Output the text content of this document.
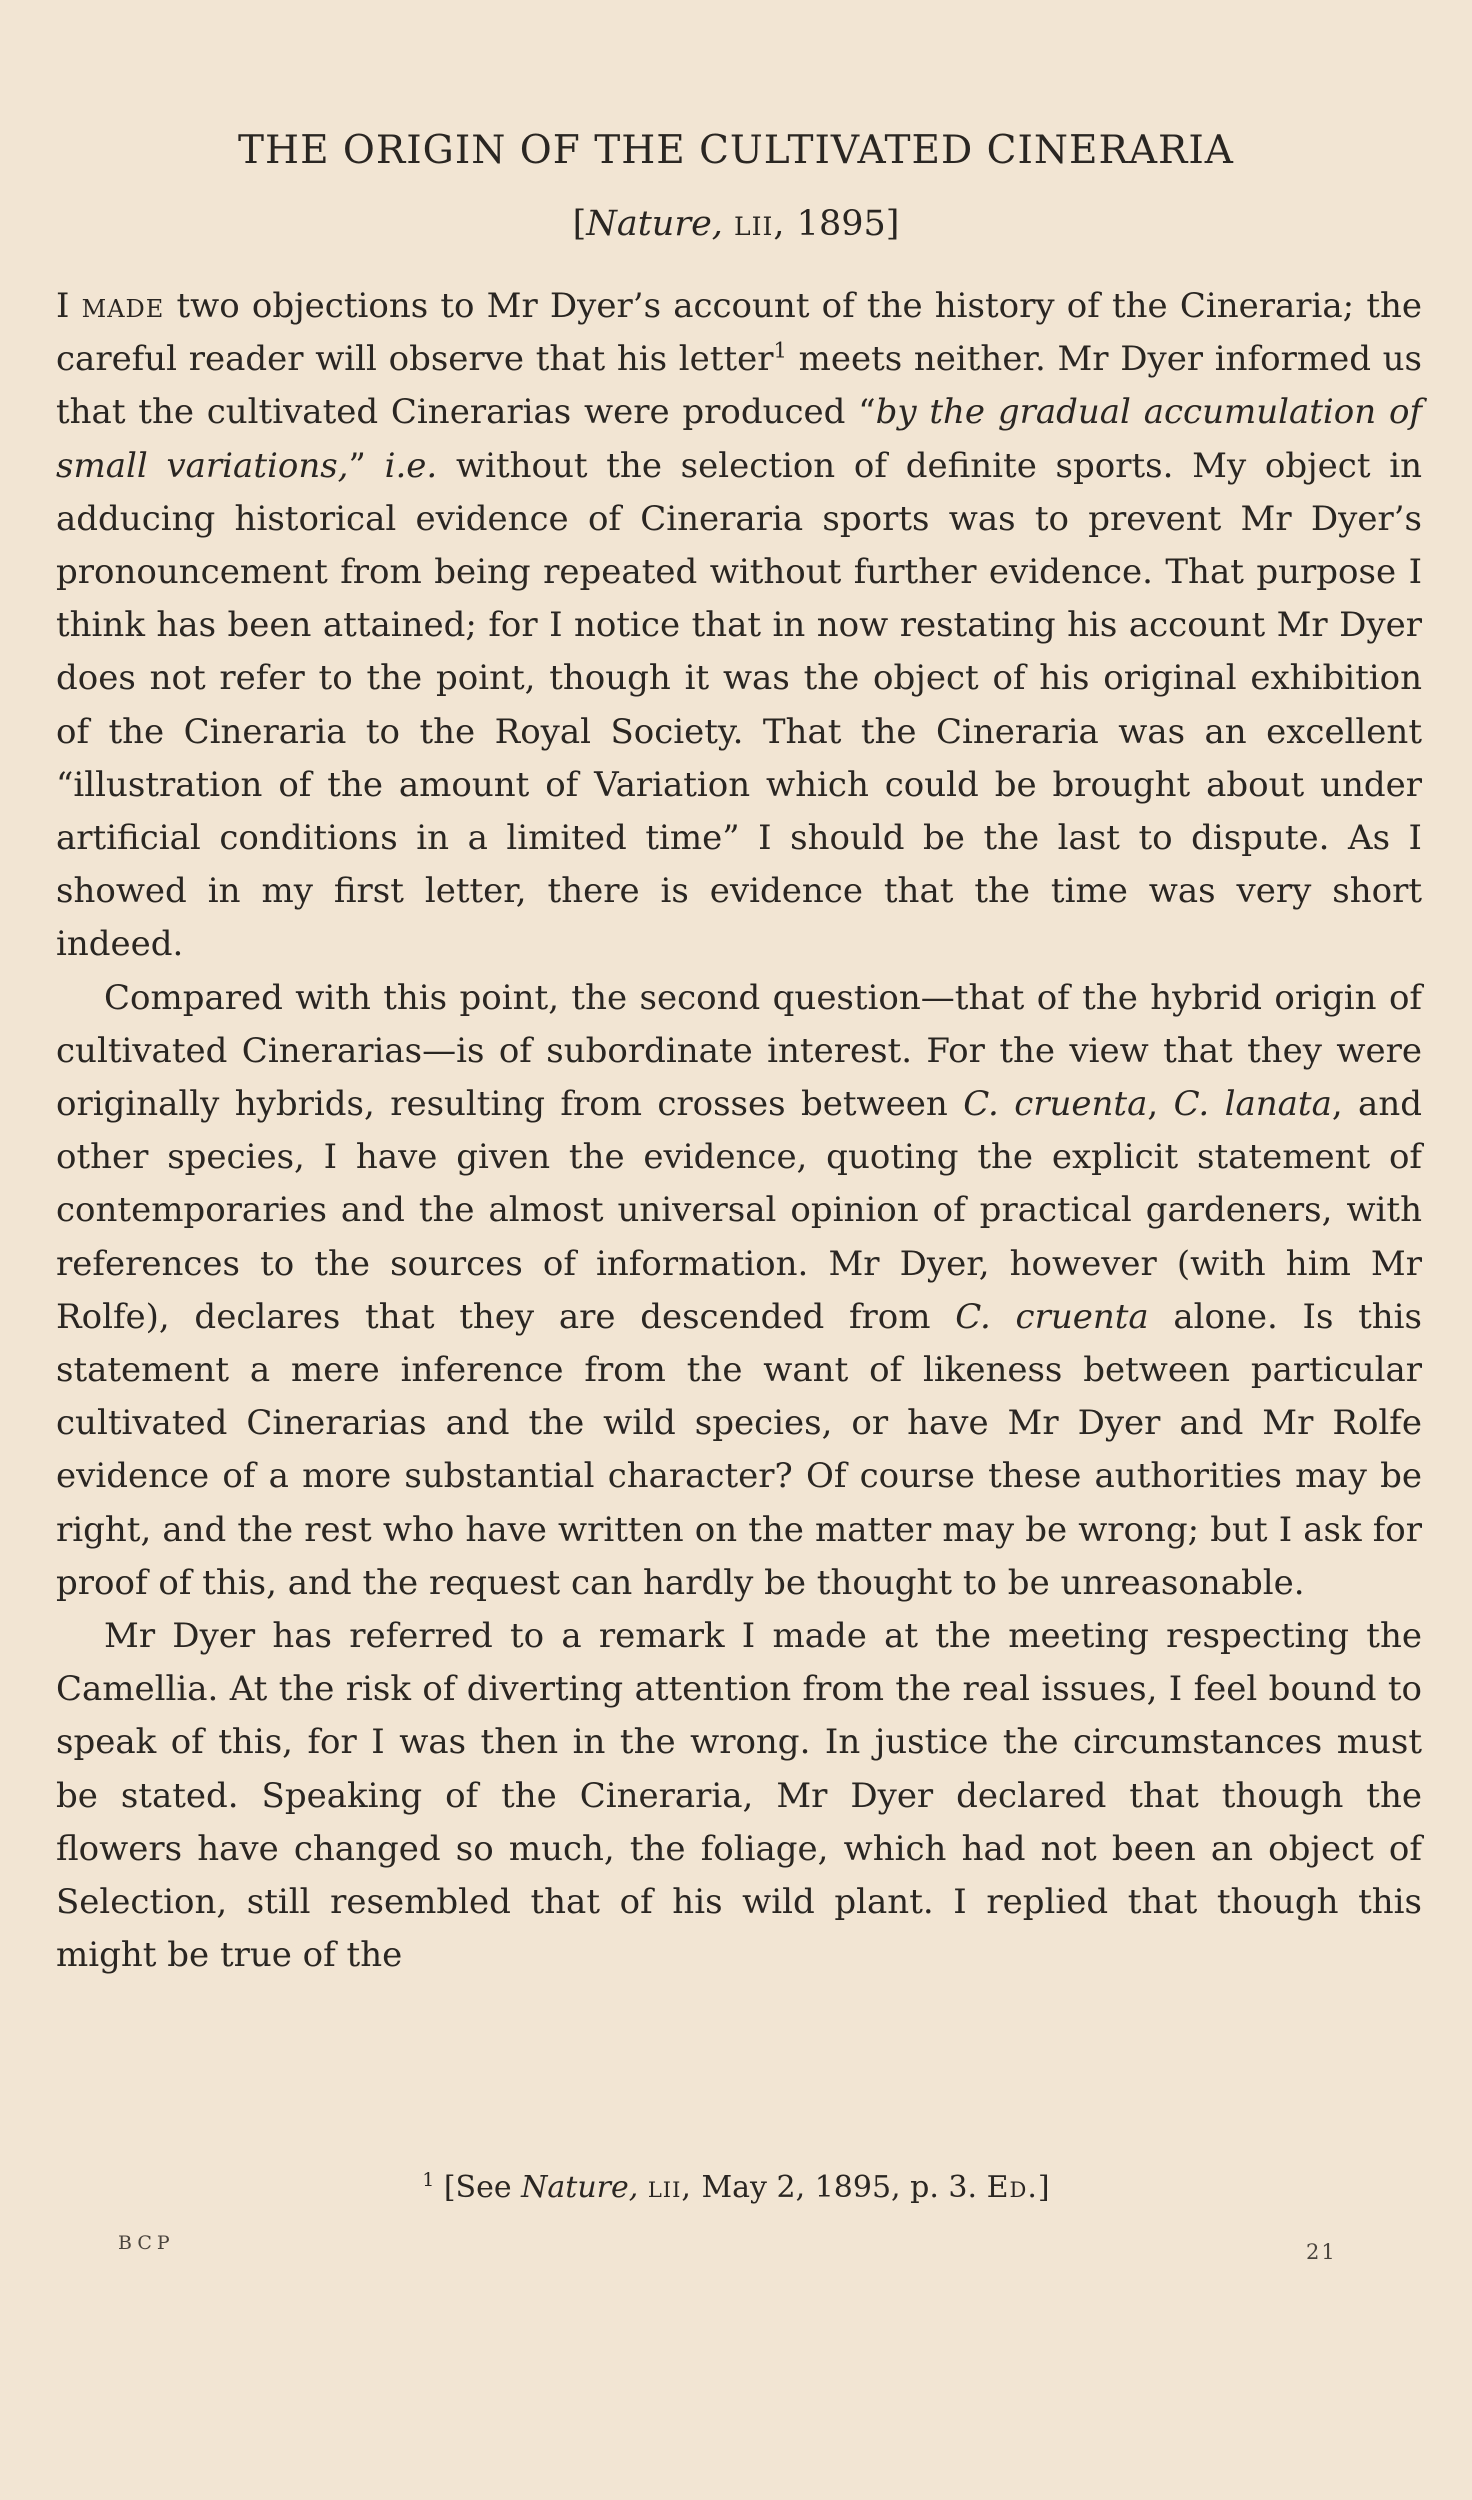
THE ORIGIN OF THE CULTIVATED CINERARIA
[Nature, lii, 1895]

I made two objections to Mr Dyer’s account of the history of the Cineraria; the careful reader will observe that his letter$^1$ meets neither. Mr Dyer informed us that the cultivated Cinerarias were produced “by the gradual accumulation of small variations,” i.e. without the selection of definite sports. My object in adducing historical evidence of Cineraria sports was to prevent Mr Dyer’s pronouncement from being repeated without further evidence. That purpose I think has been attained; for I notice that in now restating his account Mr Dyer does not refer to the point, though it was the object of his original exhibition of the Cineraria to the Royal Society. That the Cineraria was an excellent “illustration of the amount of Variation which could be brought about under artificial conditions in a limited time” I should be the last to dispute. As I showed in my first letter, there is evidence that the time was very short indeed.

Compared with this point, the second question—that of the hybrid origin of cultivated Cinerarias—is of subordinate interest. For the view that they were originally hybrids, resulting from crosses between C. cruenta, C. lanata, and other species, I have given the evidence, quoting the explicit statement of contemporaries and the almost universal opinion of practical gardeners, with references to the sources of information. Mr Dyer, however (with him Mr Rolfe), declares that they are descended from C. cruenta alone. Is this statement a mere inference from the want of likeness between particular cultivated Cinerarias and the wild species, or have Mr Dyer and Mr Rolfe evidence of a more substantial character? Of course these authorities may be right, and the rest who have written on the matter may be wrong; but I ask for proof of this, and the request can hardly be thought to be unreasonable.

Mr Dyer has referred to a remark I made at the meeting respecting the Camellia. At the risk of diverting attention from the real issues, I feel bound to speak of this, for I was then in the wrong. In justice the circumstances must be stated. Speaking of the Cineraria, Mr Dyer declared that though the flowers have changed so much, the foliage, which had not been an object of Selection, still resembled that of his wild plant. I replied that though this might be true of the

$^1$ [See Nature, lii, May 2, 1895, p. 3. Ed.]
BCP	21
